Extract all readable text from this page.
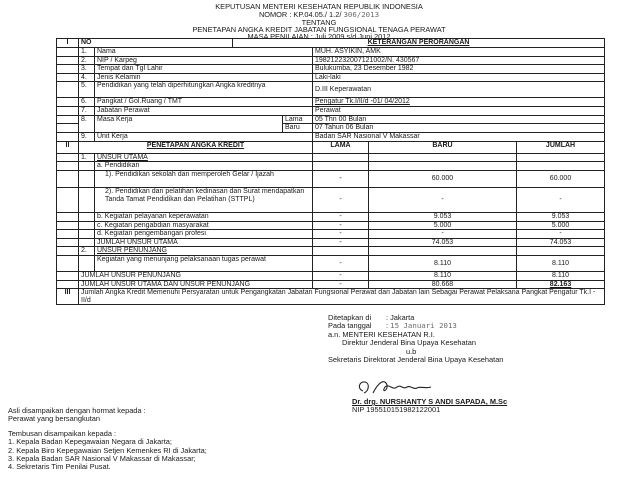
KEPUTUSAN MENTERI KESEHATAN REPUBLIK INDONESIA
NOMOR : KP.04.05./ 1.2/ 306/2013
TENTANG
PENETAPAN ANGKA KREDIT JABATAN FUNGSIONAL TENAGA PERAWAT
MASA PENILAIAN : Juli 2009 s/d Juni 2012
I	NO		KETERANGAN PERORANGAN				
	1.	Nama			MUH. ASYIKIN, AMK		
	2.	NIP / Karpeg			198212232007121002/N. 430567		
	3.	Tempat dan Tgl Lahir			Bulukumba, 23 Desember 1982		
	4.	Jenis Kelamin			Laki-laki		
	5.	Pendidikan yang telah diperhitungkan Angka kreditnya			D.III Keperawatan		
	6.	Pangkat / Gol.Ruang / TMT			Pengatur Tk.I/II/d -01/ 04/2012		
	7.	Jabatan Perawat			Perawat		
	8.	Masa Kerja		Lama	05 Thn 00 Bulan		
				Baru	07 Tahun 06 Bulan		
	9.	Unit Kerja			Badan SAR Nasional V Makassar		
II	PENETAPAN ANGKA KREDIT				LAMA	BARU	JUMLAH
	1.	UNSUR UTAMA					
		a. Pendidikan					
		1). Pendidikan sekolah dan memperoleh Gelar / Ijazah			-	60.000	60.000
		2). Pendidikan dan pelatihan kedinasan dan Surat mendapatkan Tanda Tamat Pendidikan dan Pelatihan (STTPL)			-	-	-
		b. Kegiatan pelayanan keperawatan			-	9.053	9.053
		c. Kegiatan pengabdian masyarakat			-	5.000	5.000
		d. Kegiatan pengembangan profesi			-	-	-
		JUMLAH UNSUR UTAMA			-	74.053	74.053
	2.	UNSUR PENUNJANG					
		Kegiatan yang menunjang pelaksanaan tugas perawat			-	8.110	8.110
	JUMLAH UNSUR PENUNJANG				-	8.110	8.110
	JUMLAH UNSUR UTAMA DAN UNSUR PENUNJANG				-	80.668	82.163
III	Jumlah Angka Kredit Memenuhi Persyaratan untuk Pengangkatan Jabatan Fungsional Perawat dari Jabatan lain Sebagai Perawat Pelaksana Pangkat Pengatur Tk.I - II/d						
Ditetapkan di : Jakarta
Pada tanggal : 15 Januari 2013
a.n. MENTERI KESEHATAN R.I.
Direktur Jenderal Bina Upaya Kesehatan
u.b
Sekretaris Direktorat Jenderal Bina Upaya Kesehatan
Dr. drg. NURSHANTY S ANDI SAPADA, M.Sc
NIP 195510151982122001
Asli disampaikan dengan hormat kepada :
Perawat yang bersangkutan
Tembusan disampaikan kepada :
1. Kepala Badan Kepegawaian Negara di Jakarta;
2. Kepala Biro Kepegawaian Setjen Kemenkes RI di Jakarta;
3. Kepala Badan SAR Nasional V Makassar di Makassar;
4. Sekretaris Tim Penilai Pusat.
